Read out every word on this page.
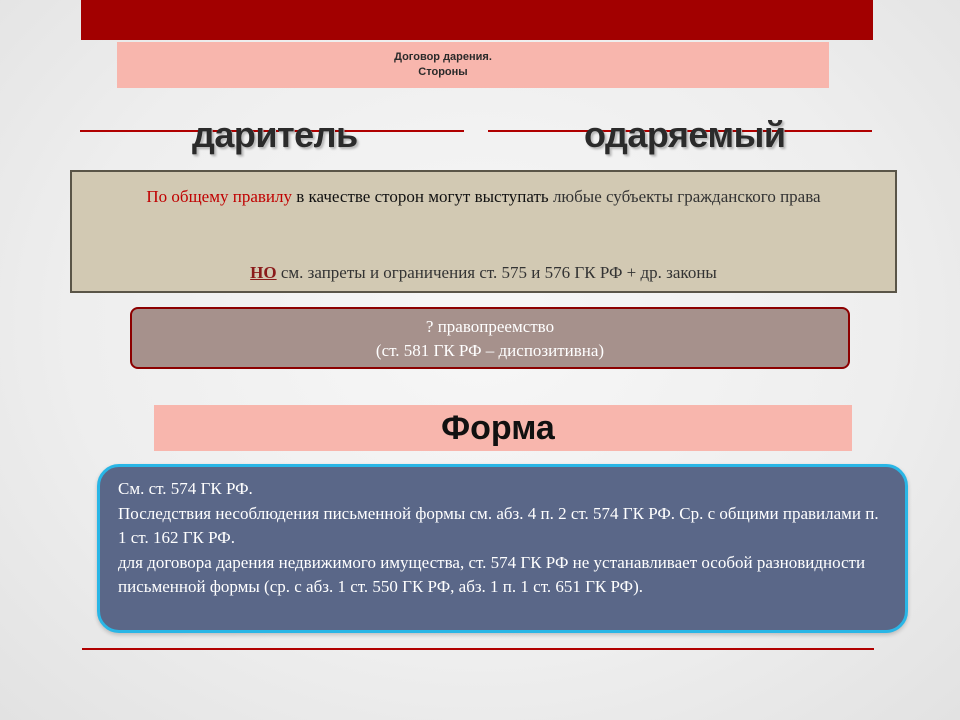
Договор дарения.
Стороны
даритель	одаряемый
По общему правилу в качестве сторон могут выступать любые субъекты гражданского права
НО см. запреты и ограничения ст. 575 и 576 ГК РФ + др. законы
? правопреемство
(ст. 581 ГК РФ – диспозитивна)
Форма

См. ст. 574 ГК РФ.

Последствия несоблюдения письменной формы см. абз. 4 п. 2 ст. 574 ГК РФ. Ср. с общими правилами п. 1 ст. 162 ГК РФ.

для договора дарения недвижимого имущества, ст. 574 ГК РФ не устанавливает особой разновидности письменной формы (ср. с абз. 1 ст. 550 ГК РФ, абз. 1 п. 1 ст. 651 ГК РФ).
